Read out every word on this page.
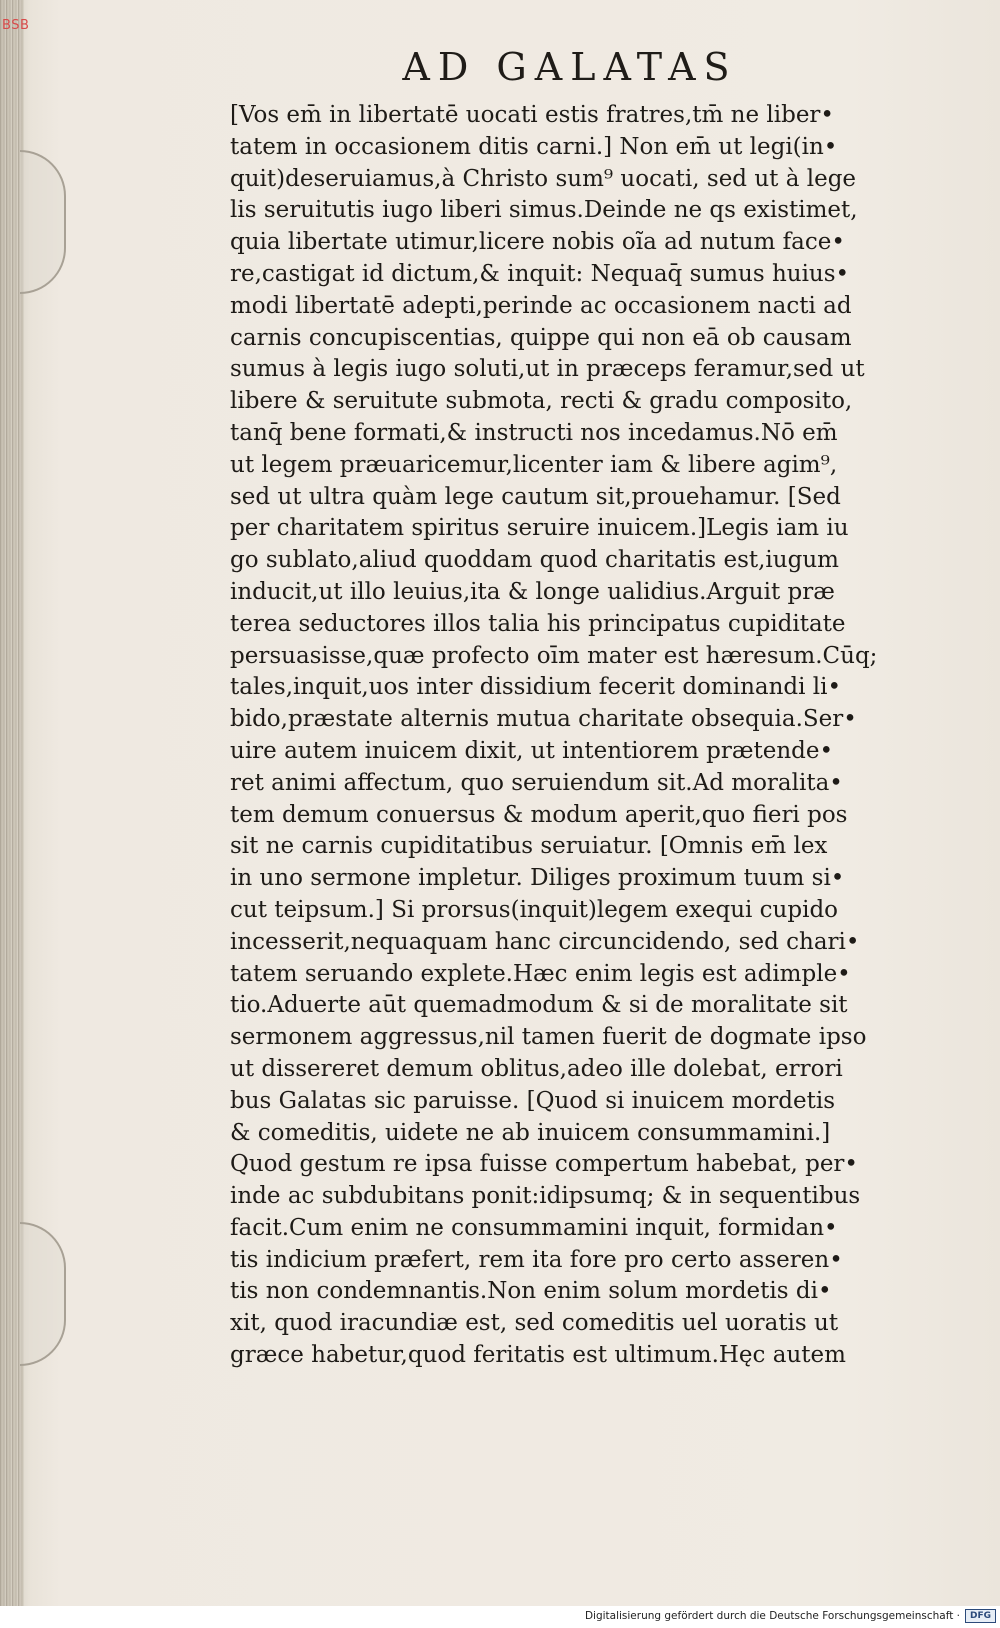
BSB
AD GALATAS
[Vos em̄ in libertatē uocati estis fratres,tm̄ ne liber•
tatem in occasionem ditis carni.] Non em̄ ut legi(in•
quit)deseruiamus,à Christo sum⁹ uocati, sed ut à lege
lis seruitutis iugo liberi simus.Deinde ne qs existimet,
quia libertate utimur,licere nobis oĩa ad nutum face•
re,castigat id dictum,& inquit: Nequaq̄ sumus huius•
modi libertatē adepti,perinde ac occasionem nacti ad
carnis concupiscentias, quippe qui non eā ob causam
sumus à legis iugo soluti,ut in præceps feramur,sed ut
libere & seruitute submota, recti & gradu composito,
tanq̄ bene formati,& instructi nos incedamus.Nō em̄
ut legem præuaricemur,licenter iam & libere agim⁹,
sed ut ultra quàm lege cautum sit,prouehamur. [Sed
per charitatem spiritus seruire inuicem.]Legis iam iu
go sublato,aliud quoddam quod charitatis est,iugum
inducit,ut illo leuius,ita & longe ualidius.Arguit præ
terea seductores illos talia his principatus cupiditate
persuasisse,quæ profecto oīm mater est hæresum.Cūq;
tales,inquit,uos inter dissidium fecerit dominandi li•
bido,præstate alternis mutua charitate obsequia.Ser•
uire autem inuicem dixit, ut intentiorem prætende•
ret animi affectum, quo seruiendum sit.Ad moralita•
tem demum conuersus & modum aperit,quo fieri pos
sit ne carnis cupiditatibus seruiatur. [Omnis em̄ lex
in uno sermone impletur. Diliges proximum tuum si•
cut teipsum.] Si prorsus(inquit)legem exequi cupido
incesserit,nequaquam hanc circuncidendo, sed chari•
tatem seruando explete.Hæc enim legis est adimple•
tio.Aduerte aūt quemadmodum & si de moralitate sit
sermonem aggressus,nil tamen fuerit de dogmate ipso
ut dissereret demum oblitus,adeo ille dolebat, errori
bus Galatas sic paruisse. [Quod si inuicem mordetis
& comeditis, uidete ne ab inuicem consummamini.]
Quod gestum re ipsa fuisse compertum habebat, per•
inde ac subdubitans ponit:idipsumq; & in sequentibus
facit.Cum enim ne consummamini inquit, formidan•
tis indicium præfert, rem ita fore pro certo asseren•
tis non condemnantis.Non enim solum mordetis di•
xit, quod iracundiæ est, sed comeditis uel uoratis ut
græce habetur,quod feritatis est ultimum.Hęc autem
Digitalisierung gefördert durch die Deutsche Forschungsgemeinschaft ·	DFG
